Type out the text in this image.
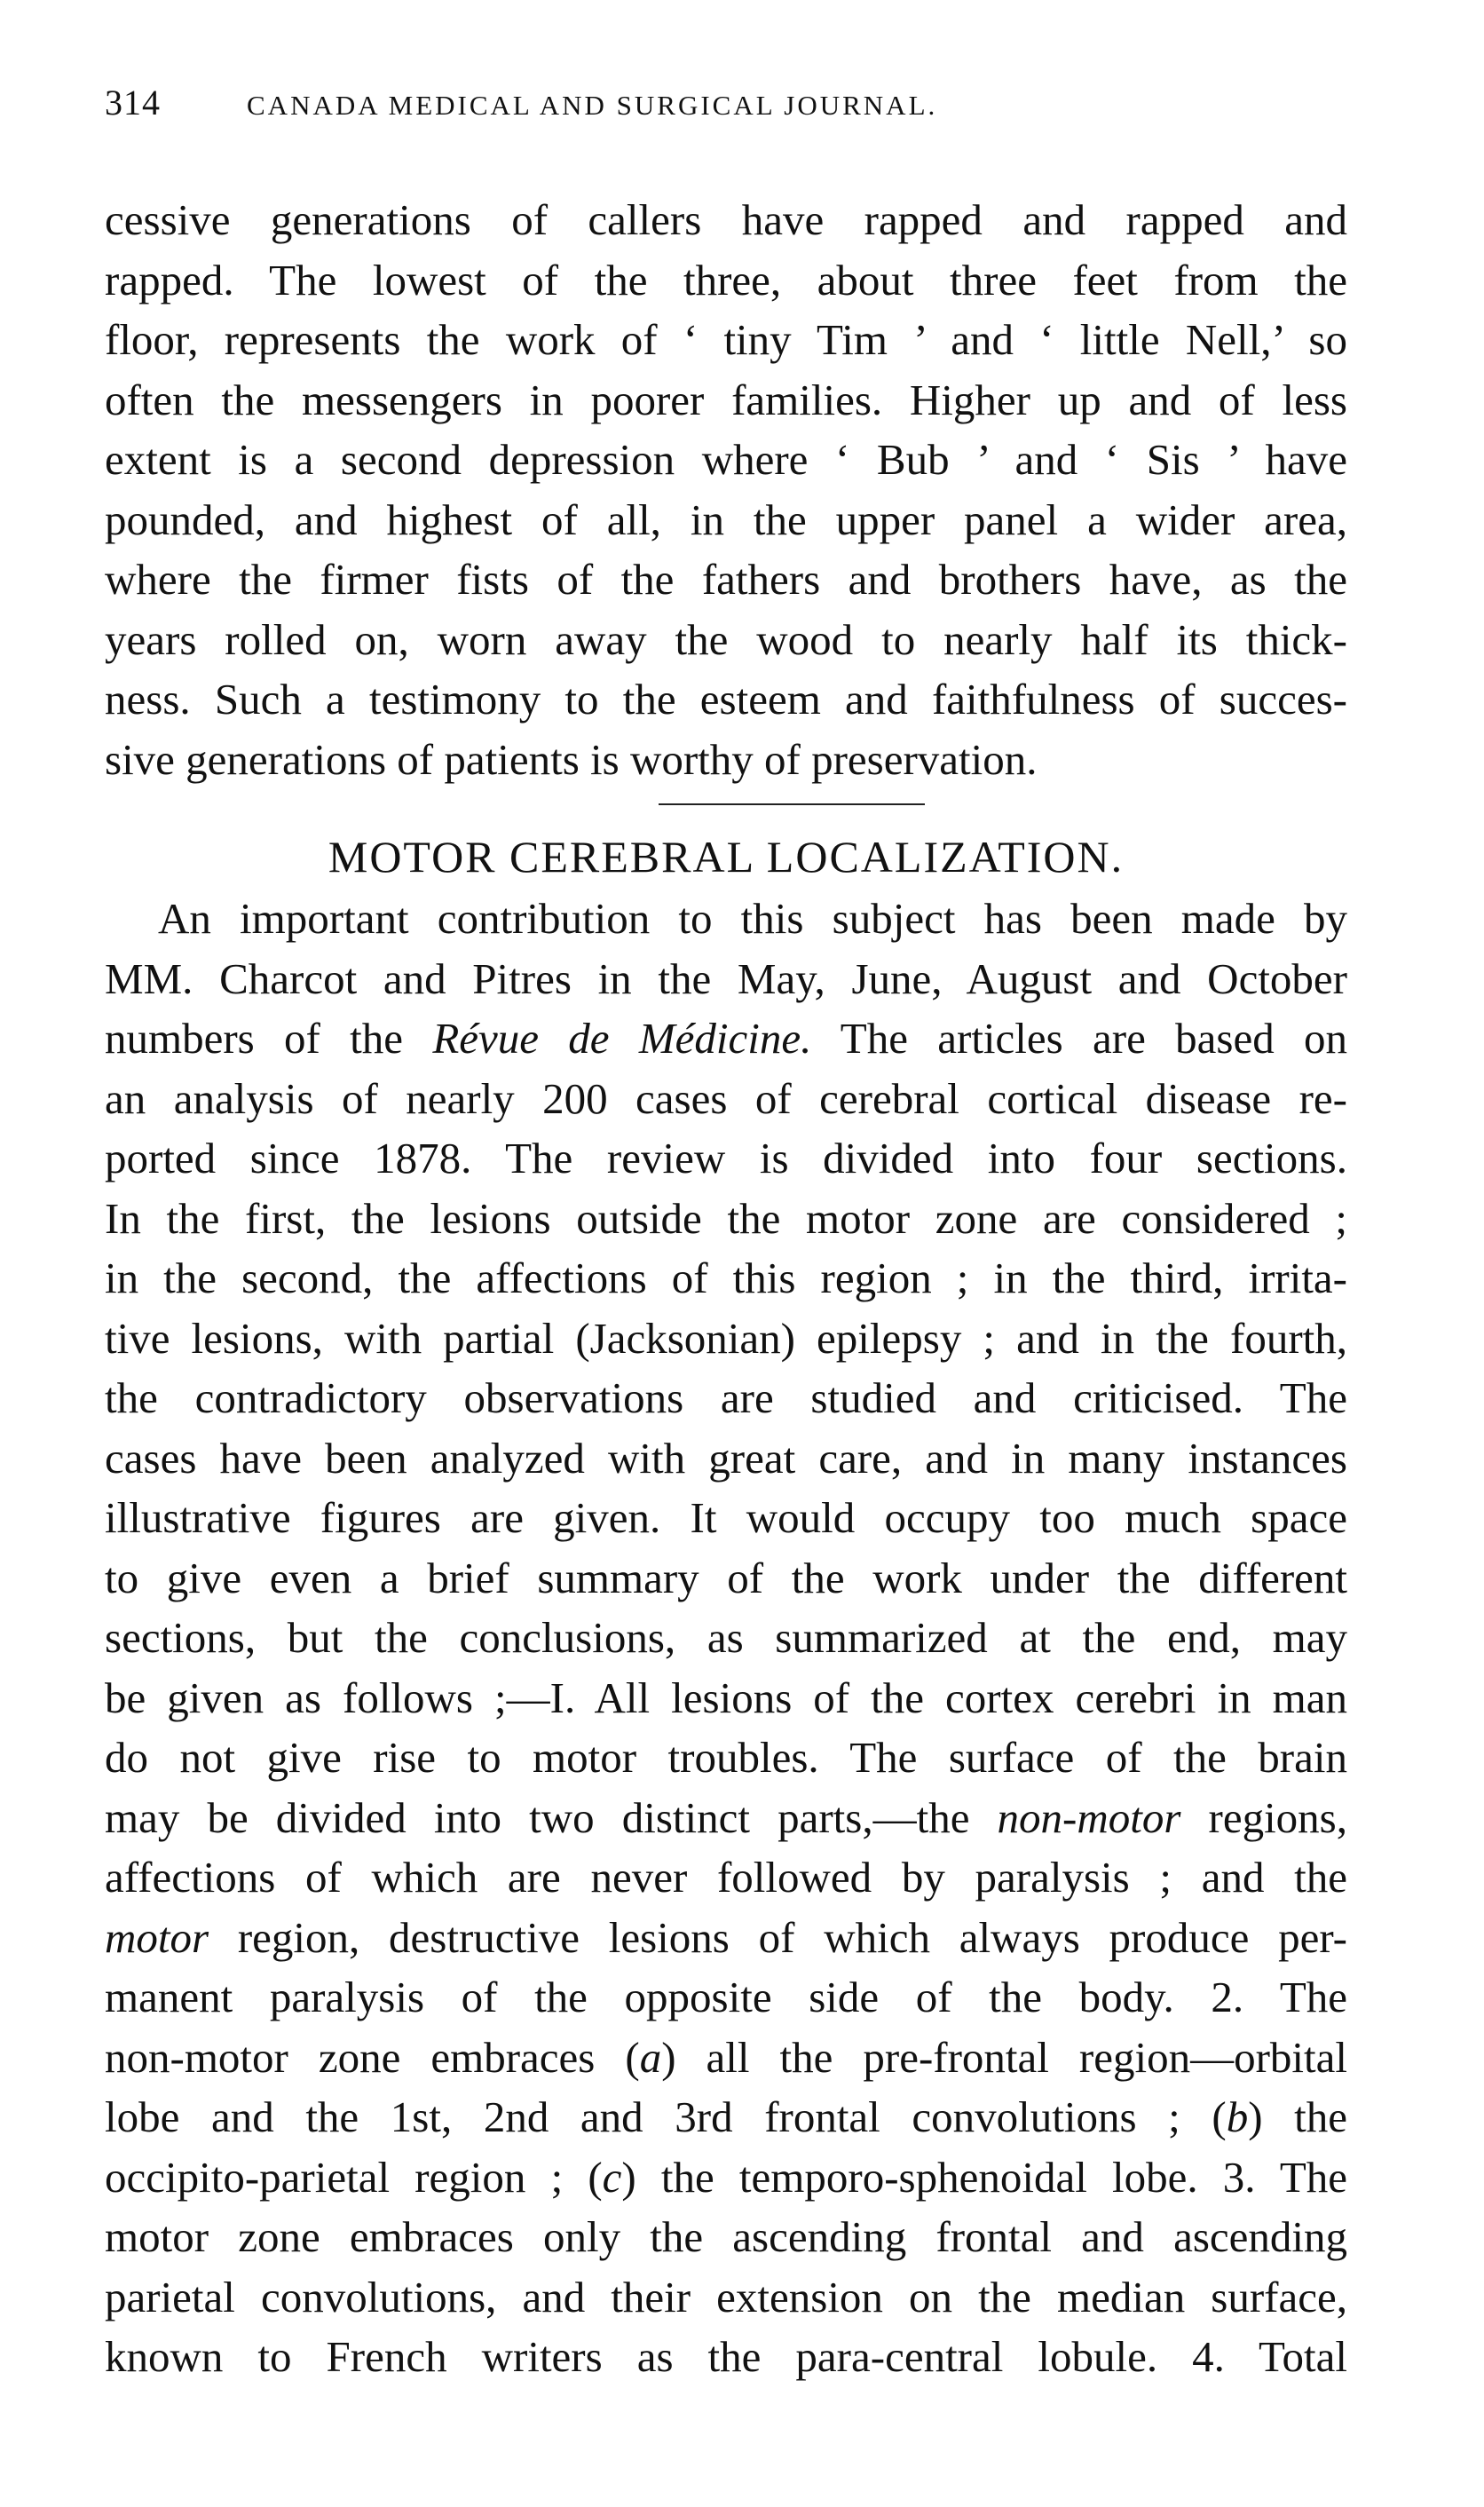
314	CANADA MEDICAL AND SURGICAL JOURNAL.
cessive generations of callers have rapped and rapped and
rapped. The lowest of the three, about three feet from the
floor, represents the work of ‘ tiny Tim ’ and ‘ little Nell,’ so
often the messengers in poorer families. Higher up and of less
extent is a second depression where ‘ Bub ’ and ‘ Sis ’ have
pounded, and highest of all, in the upper panel a wider area,
where the firmer fists of the fathers and brothers have, as the
years rolled on, worn away the wood to nearly half its thick-
ness. Such a testimony to the esteem and faithfulness of succes-
sive generations of patients is worthy of preservation.
MOTOR CEREBRAL LOCALIZATION.
An important contribution to this subject has been made by
MM. Charcot and Pitres in the May, June, August and October
numbers of the Révue de Médicine. The articles are based on
an analysis of nearly 200 cases of cerebral cortical disease re-
ported since 1878. The review is divided into four sections.
In the first, the lesions outside the motor zone are considered ;
in the second, the affections of this region ; in the third, irrita-
tive lesions, with partial (Jacksonian) epilepsy ; and in the fourth,
the contradictory observations are studied and criticised. The
cases have been analyzed with great care, and in many instances
illustrative figures are given. It would occupy too much space
to give even a brief summary of the work under the different
sections, but the conclusions, as summarized at the end, may
be given as follows ;—I. All lesions of the cortex cerebri in man
do not give rise to motor troubles. The surface of the brain
may be divided into two distinct parts,—the non-motor regions,
affections of which are never followed by paralysis ; and the
motor region, destructive lesions of which always produce per-
manent paralysis of the opposite side of the body. 2. The
non-motor zone embraces (a) all the pre-frontal region—orbital
lobe and the 1st, 2nd and 3rd frontal convolutions ; (b) the
occipito-parietal region ; (c) the temporo-sphenoidal lobe. 3. The
motor zone embraces only the ascending frontal and ascending
parietal convolutions, and their extension on the median surface,
known to French writers as the para-central lobule. 4. Total
